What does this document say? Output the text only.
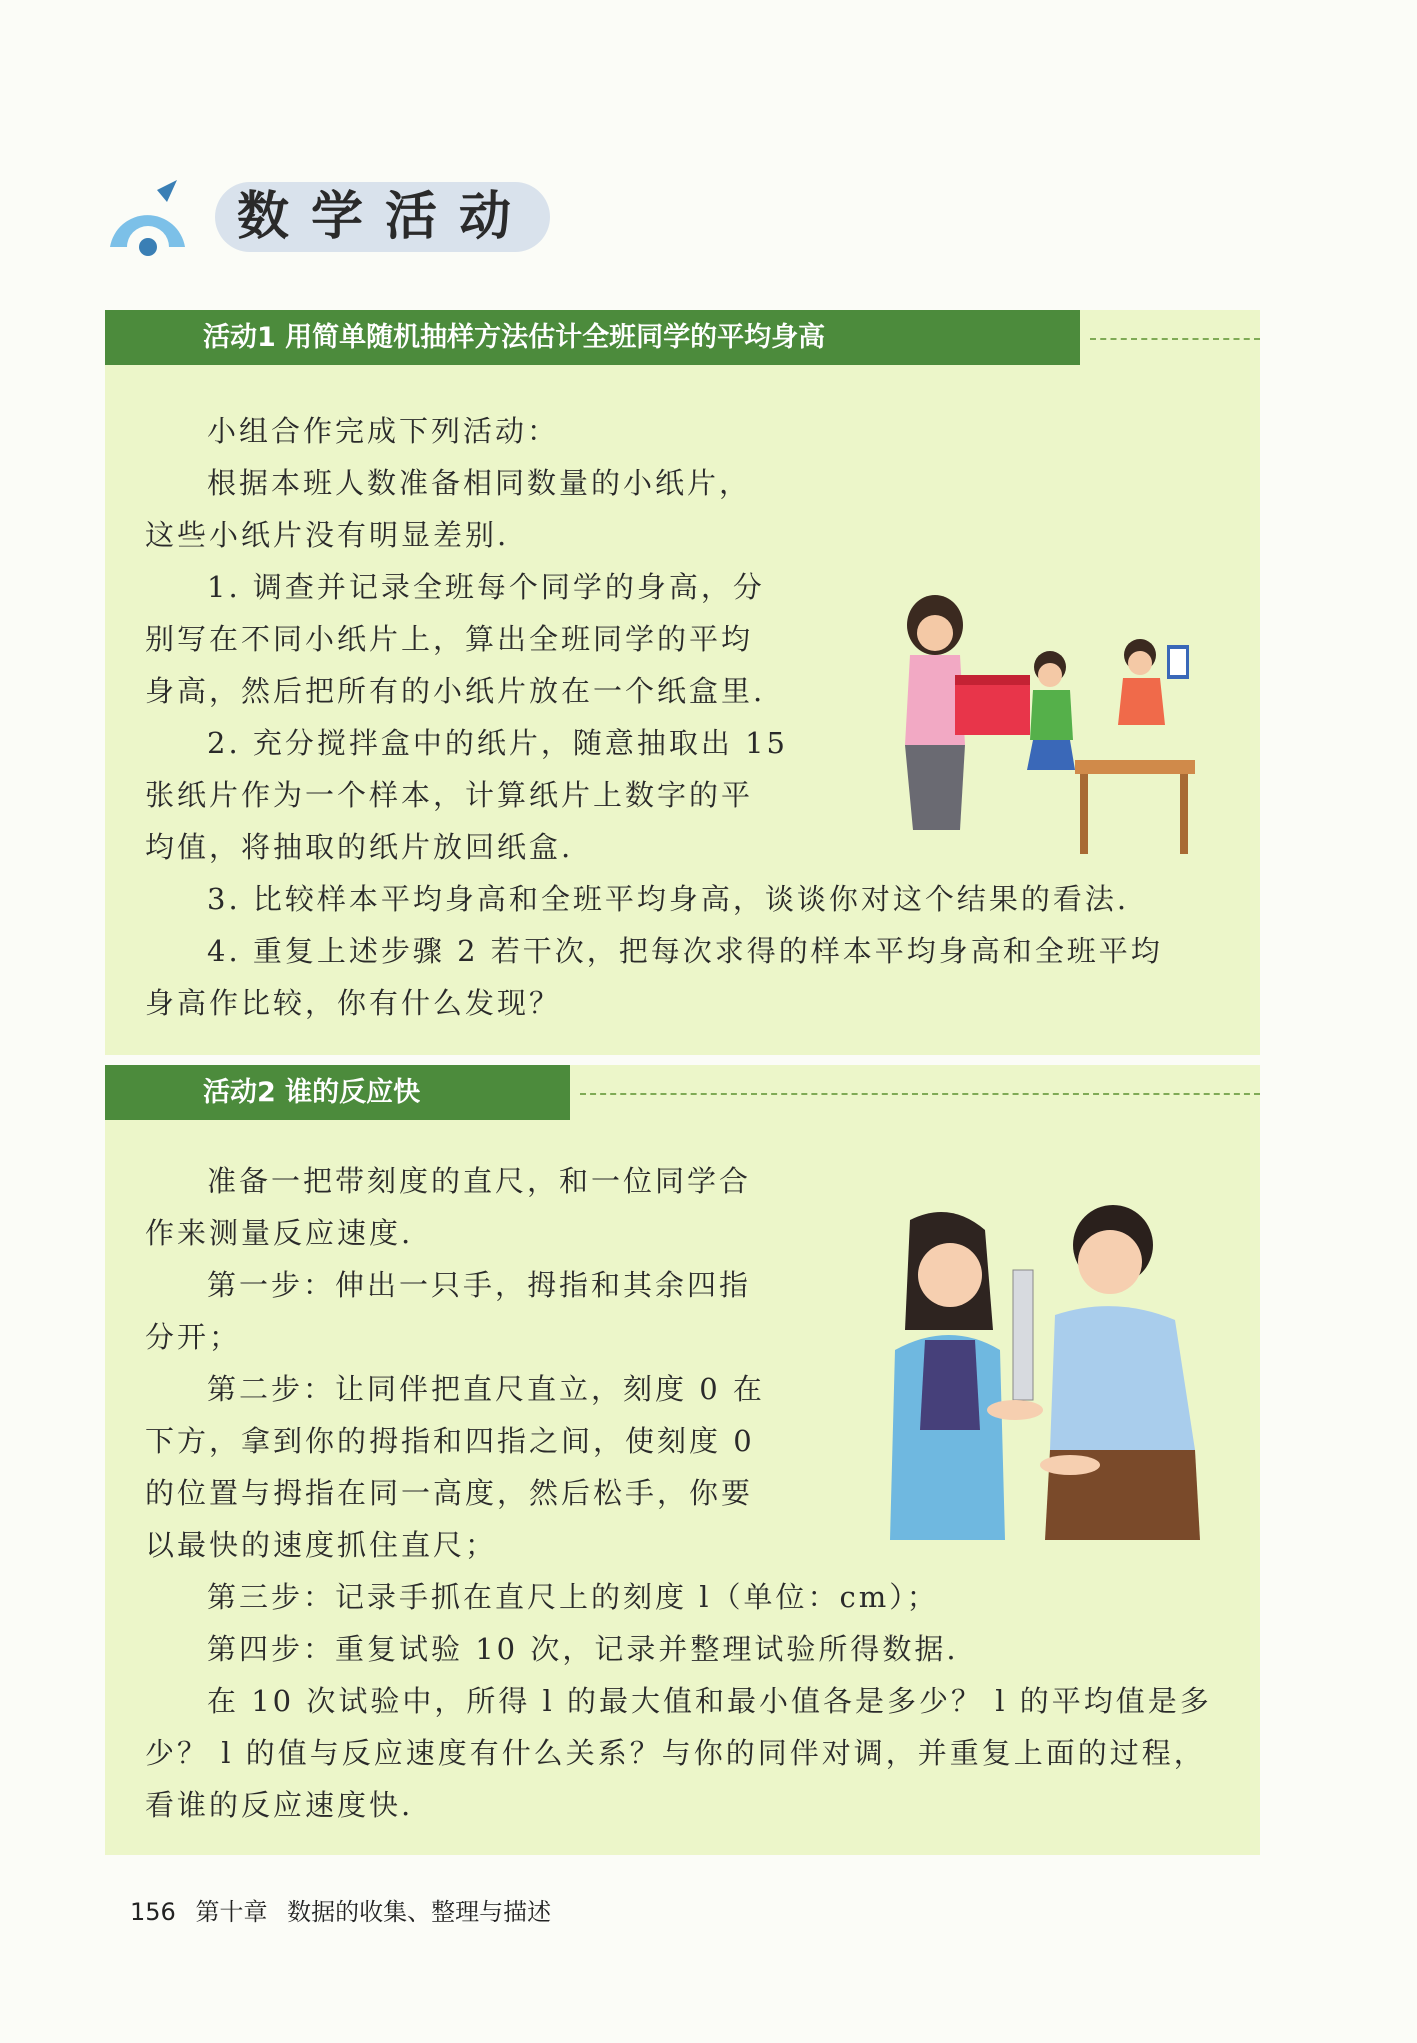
数学活动
活动1 用简单随机抽样方法估计全班同学的平均身高

小组合作完成下列活动：

根据本班人数准备相同数量的小纸片，

这些小纸片没有明显差别.

1. 调查并记录全班每个同学的身高，分

别写在不同小纸片上，算出全班同学的平均

身高，然后把所有的小纸片放在一个纸盒里.

2. 充分搅拌盒中的纸片，随意抽取出 15

张纸片作为一个样本，计算纸片上数字的平

均值，将抽取的纸片放回纸盒.

3. 比较样本平均身高和全班平均身高，谈谈你对这个结果的看法.

4. 重复上述步骤 2 若干次，把每次求得的样本平均身高和全班平均

身高作比较，你有什么发现？

活动2 谁的反应快

准备一把带刻度的直尺，和一位同学合

作来测量反应速度.

第一步：伸出一只手，拇指和其余四指

分开；

第二步：让同伴把直尺直立，刻度 0 在

下方，拿到你的拇指和四指之间，使刻度 0

的位置与拇指在同一高度，然后松手，你要

以最快的速度抓住直尺；

第三步：记录手抓在直尺上的刻度 l（单位：cm）；

第四步：重复试验 10 次，记录并整理试验所得数据.

在 10 次试验中，所得 l 的最大值和最小值各是多少？ l 的平均值是多

少？ l 的值与反应速度有什么关系？与你的同伴对调，并重复上面的过程，

看谁的反应速度快.

156 第十章 数据的收集、整理与描述
